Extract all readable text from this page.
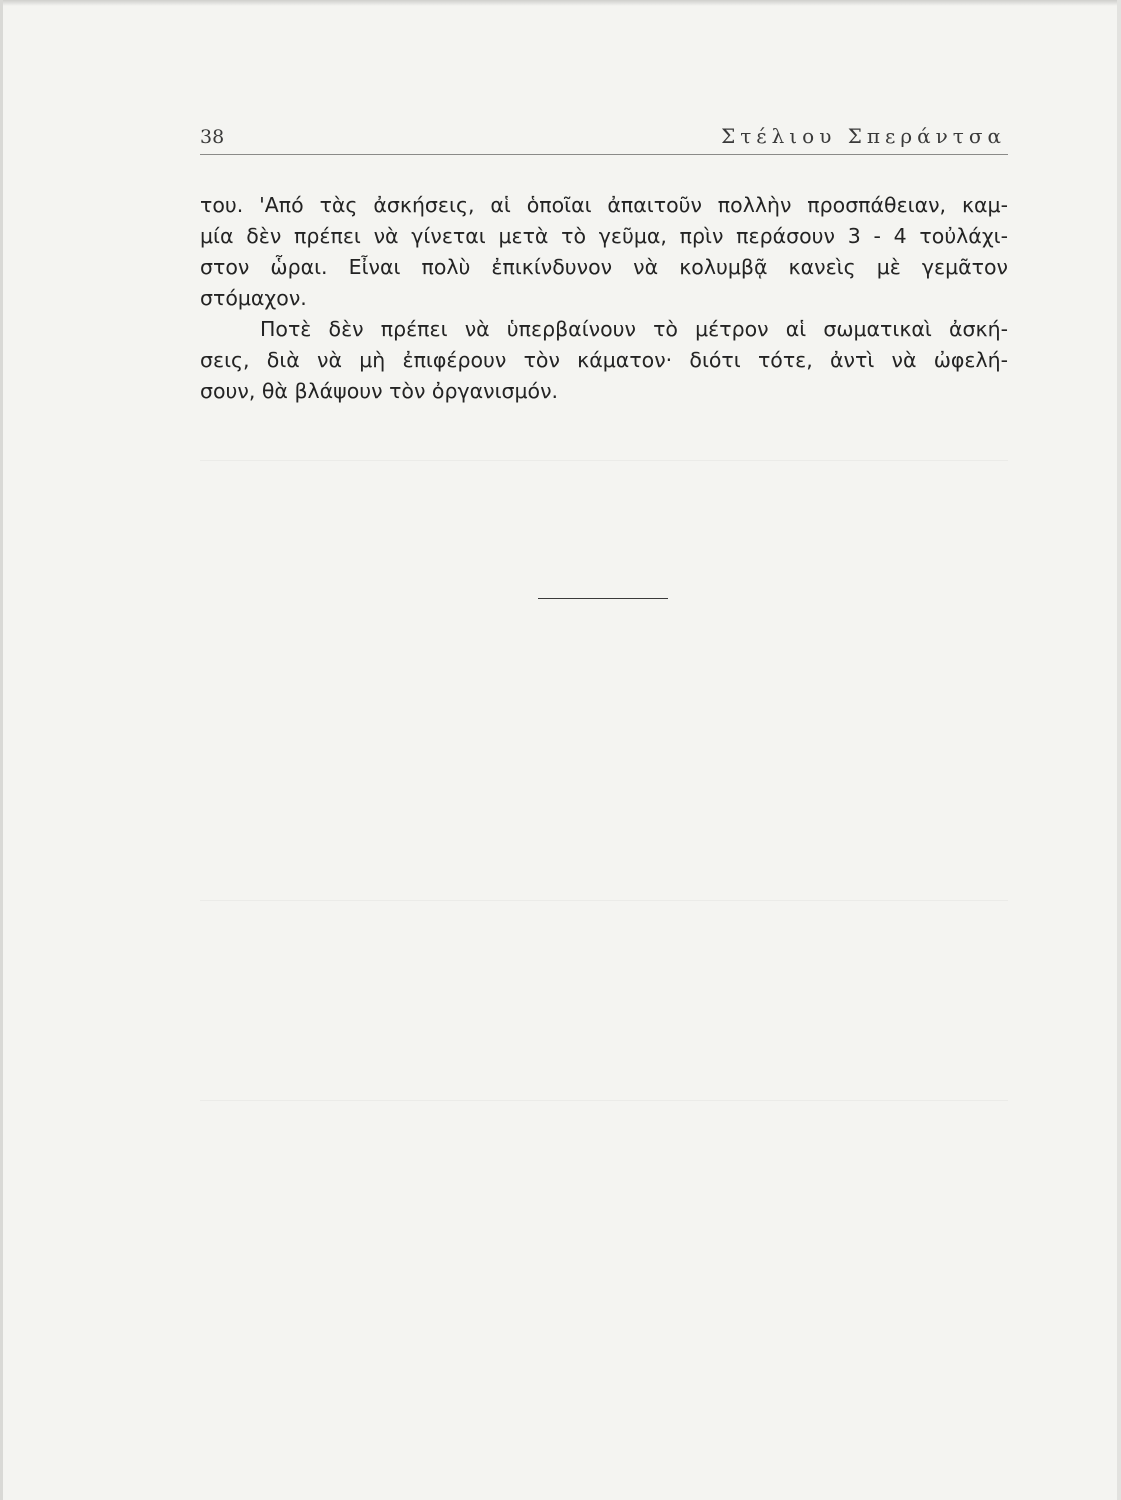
38	Στέλιου Σπεράντσα
του. 'Από τὰς ἀσκήσεις, αἱ ὁποῖαι ἀπαιτοῦν πολλὴν προσπάθειαν, καμ-
μία δὲν πρέπει νὰ γίνεται μετὰ τὸ γεῦμα, πρὶν περάσουν 3 - 4 τοὐλάχι-
στον ὧραι. Εἶναι πολὺ ἐπικίνδυνον νὰ κολυμβᾷ κανεὶς μὲ γεμᾶτον
στόμαχον.
Ποτὲ δὲν πρέπει νὰ ὑπερβαίνουν τὸ μέτρον αἱ σωματικαὶ ἀσκή-
σεις, διὰ νὰ μὴ ἐπιφέρουν τὸν κάματον· διότι τότε, ἀντὶ νὰ ὠφελή-
σουν, θὰ βλάψουν τὸν ὀργανισμόν.
